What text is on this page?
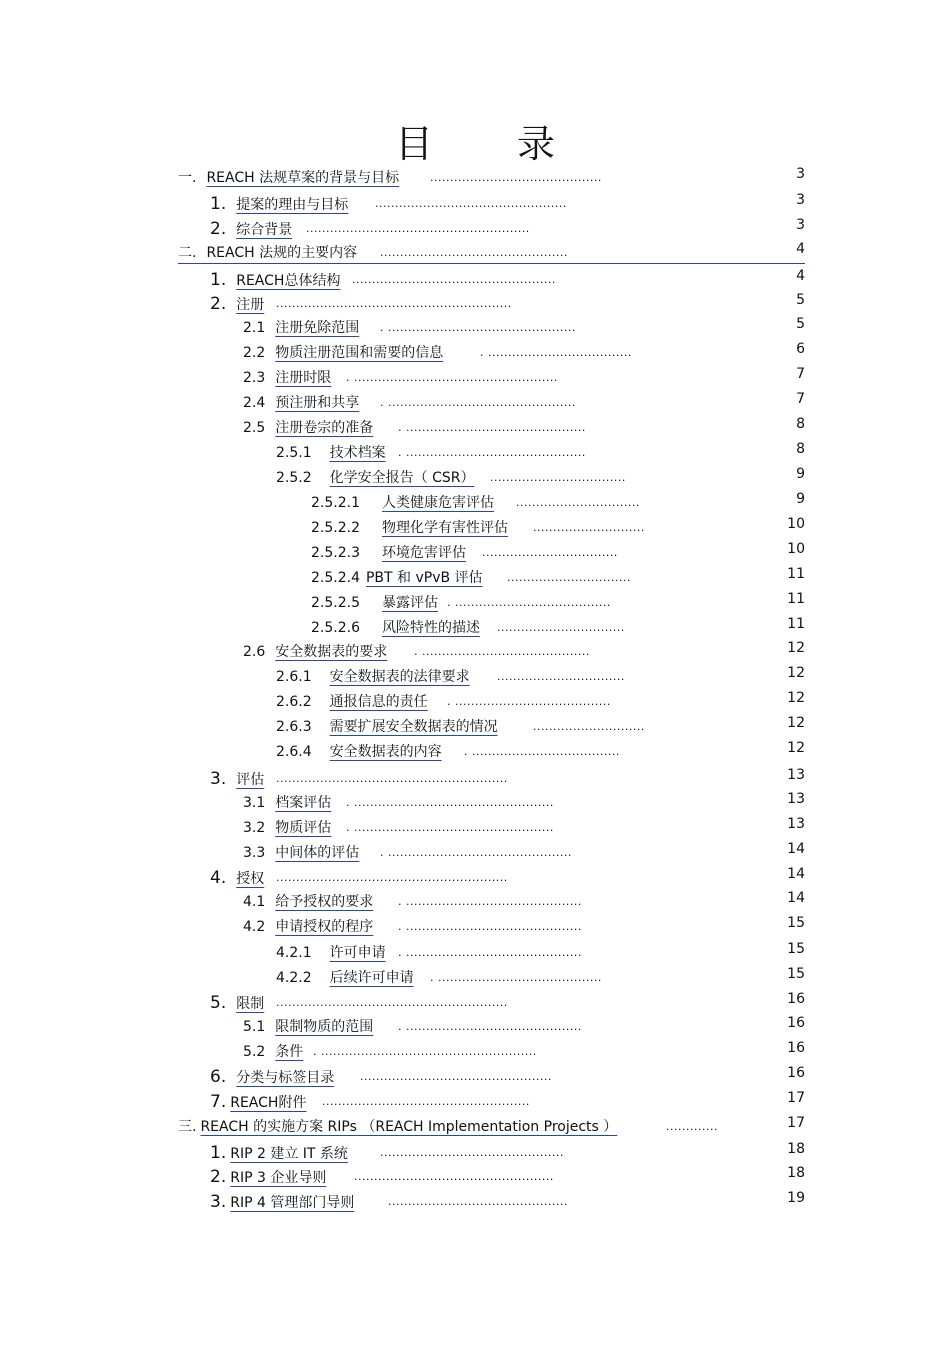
目 录
一. REACH 法规草案的背景与目标	...........................................	3
1. 提案的理由与目标 ................................................	3
2. 综合背景 ........................................................	3
二. REACH 法规的主要内容 ...............................................	4
1. REACH总体结构 ...................................................	4
2. 注册 ...........................................................	5
2.1 注册免除范围 . ...............................................	5
2.2 物质注册范围和需要的信息	. ....................................	6
2.3 注册时限 . ...................................................	7
2.4 预注册和共享 . ...............................................	7
2.5 注册卷宗的准备 . .............................................	8
2.5.1 技术档案 . .............................................	8
2.5.2 化学安全报告（ CSR） ..................................	9
2.5.2.1 人类健康危害评估 ...............................	9
2.5.2.2 物理化学有害性评估 ............................	10
2.5.2.3 环境危害评估 ..................................	10
2.5.2.4 PBT 和 vPvB 评估 ...............................	11
2.5.2.5 暴露评估 . .......................................	11
2.5.2.6 风险特性的描述 ................................	11
2.6 安全数据表的要求 . ..........................................	12
2.6.1 安全数据表的法律要求 ................................	12
2.6.2 通报信息的责任 . .......................................	12
2.6.3 需要扩展安全数据表的情况	............................	12
2.6.4 安全数据表的内容 . .....................................	12
3. 评估 ..........................................................	13
3.1 档案评估 . ..................................................	13
3.2 物质评估 . ..................................................	13
3.3 中间体的评估 . ..............................................	14
4. 授权 ..........................................................	14
4.1 给予授权的要求 . ............................................	14
4.2 申请授权的程序 . ............................................	15
4.2.1 许可申请 . ............................................	15
4.2.2 后续许可申请 . .........................................	15
5. 限制 ..........................................................	16
5.1 限制物质的范围 . ............................................	16
5.2 条件 . ......................................................	16
6. 分类与标签目录 ................................................	16
7. REACH附件 ....................................................	17
三. REACH 的实施方案 RIPs （REACH Implementation Projects ）	.............	17
1. RIP 2 建立 IT 系统	..............................................	18
2. RIP 3 企业导则	..................................................	18
3. RIP 4 管理部门导则	.............................................	19
